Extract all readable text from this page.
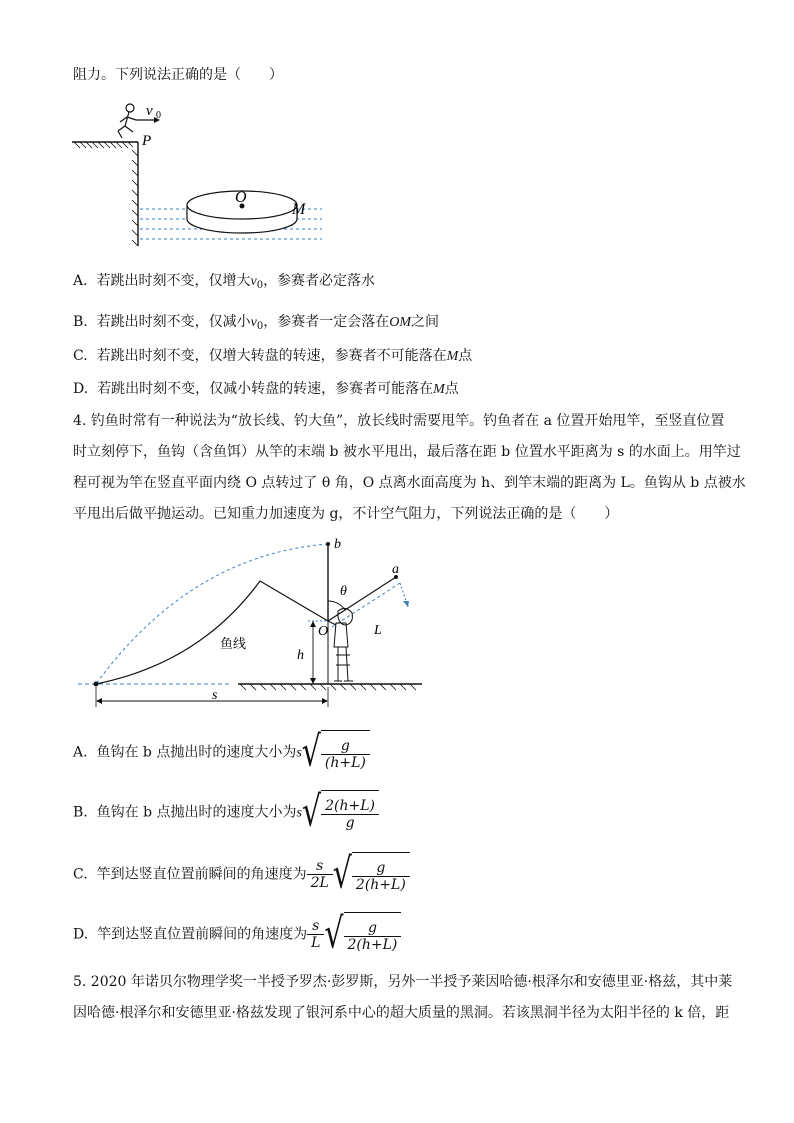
阻力。下列说法正确的是（　　）
v 0
P
O
M
A. 若跳出时刻不变，仅增大$v_0$，参赛者必定落水
B. 若跳出时刻不变，仅减小$v_0$，参赛者一定会落在OM之间
C. 若跳出时刻不变，仅增大转盘的转速，参赛者不可能落在M点
D. 若跳出时刻不变，仅减小转盘的转速，参赛者可能落在M点
4. 钓鱼时常有一种说法为“放长线、钓大鱼”，放长线时需要甩竿。钓鱼者在 a 位置开始甩竿，至竖直位置
时立刻停下，鱼钩（含鱼饵）从竿的末端 b 被水平甩出，最后落在距 b 位置水平距离为 s 的水面上。用竿过
程可视为竿在竖直平面内绕 O 点转过了 θ 角，O 点离水面高度为 h、到竿末端的距离为 L。鱼钩从 b 点被水
平甩出后做平抛运动。已知重力加速度为 g，不计空气阻力，下列说法正确的是（　　）
鱼线
b
a
θ
L
O
h
s
A. 鱼钩在 b 点抛出时的速度大小为$s√ \frac{g}{(h+L)}$
B. 鱼钩在 b 点抛出时的速度大小为$s√ \frac{2(h+L)}{g}$
C. 竿到达竖直位置前瞬间的角速度为 $\frac{s}{2L}$ √ $\frac{g}{2(h+L)}$
D. 竿到达竖直位置前瞬间的角速度为 $\frac{s}{L}$ √ $\frac{g}{2(h+L)}$
5. 2020 年诺贝尔物理学奖一半授予罗杰·彭罗斯，另外一半授予莱因哈德·根泽尔和安德里亚·格兹，其中莱
因哈德·根泽尔和安德里亚·格兹发现了银河系中心的超大质量的黑洞。若该黑洞半径为太阳半径的 k 倍，距
